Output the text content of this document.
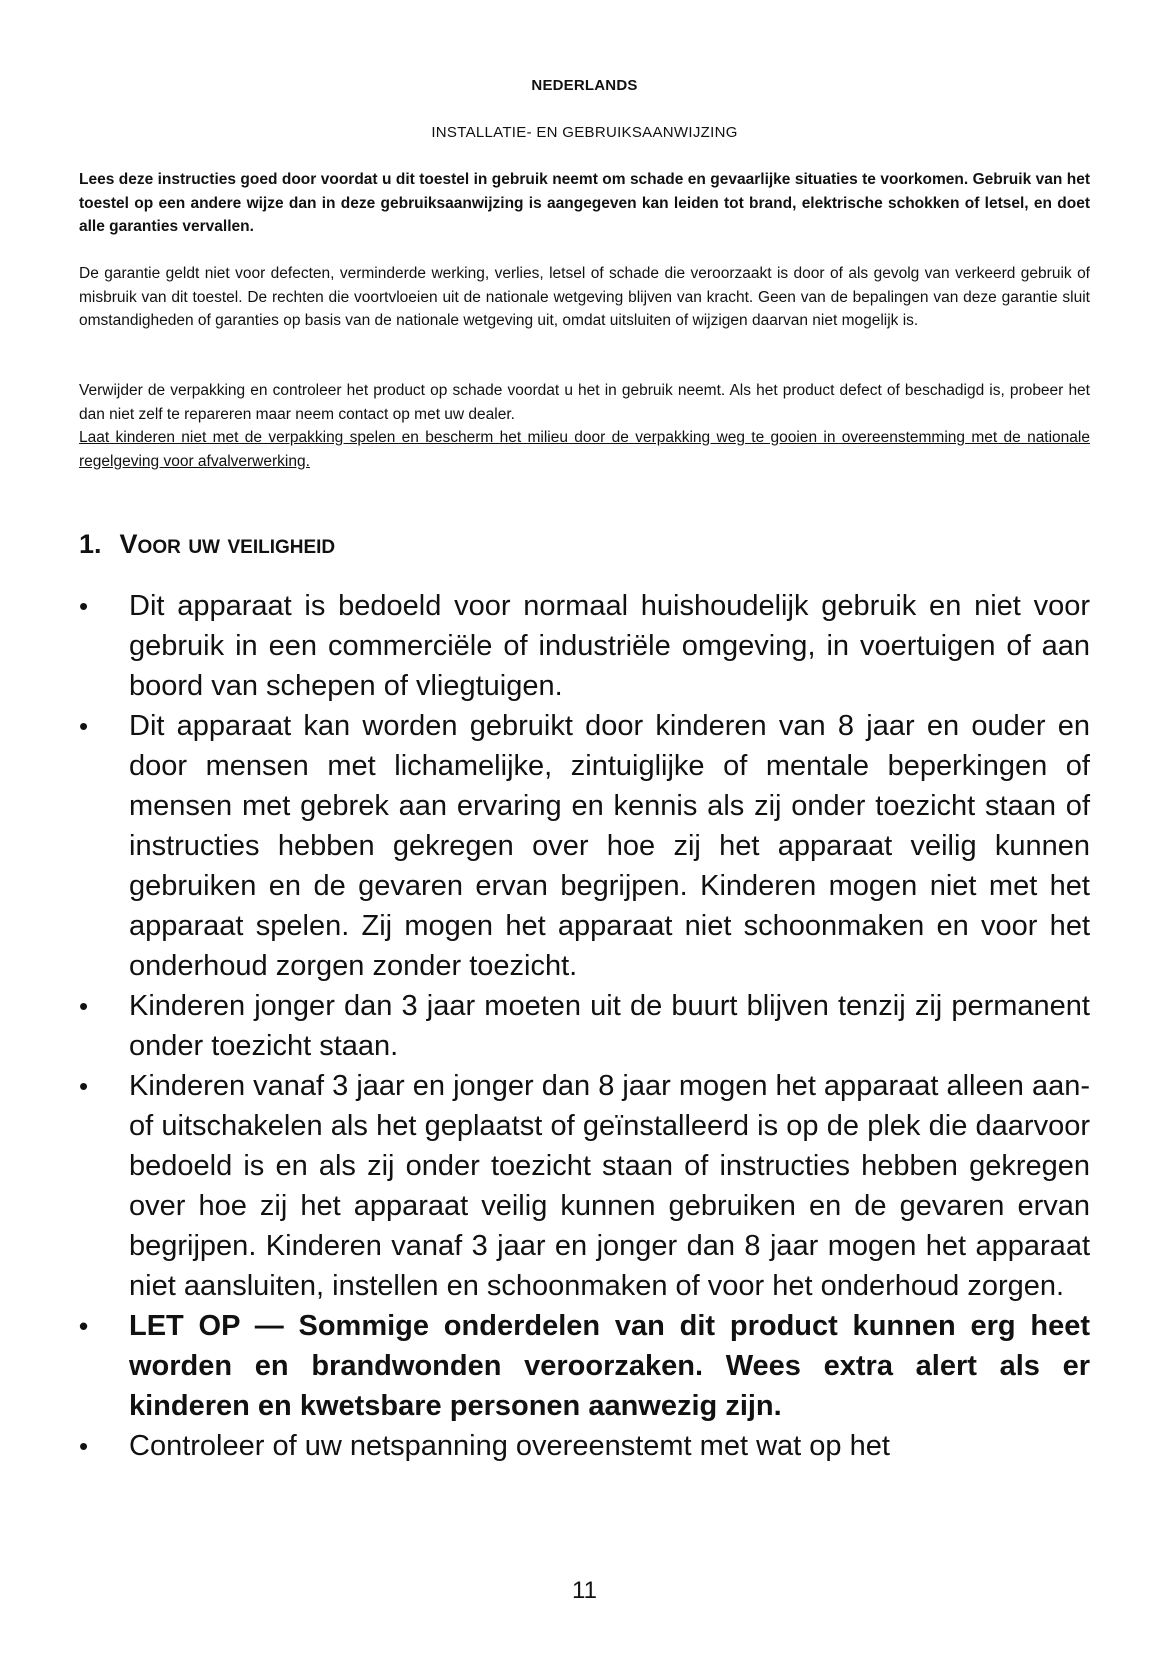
NEDERLANDS
INSTALLATIE- EN GEBRUIKSAANWIJZING

Lees deze instructies goed door voordat u dit toestel in gebruik neemt om schade en gevaarlijke situaties te voorkomen. Gebruik van het toestel op een andere wijze dan in deze gebruiksaanwijzing is aangegeven kan leiden tot brand, elektrische schokken of letsel, en doet alle garanties vervallen.

De garantie geldt niet voor defecten, verminderde werking, verlies, letsel of schade die veroorzaakt is door of als gevolg van verkeerd gebruik of misbruik van dit toestel. De rechten die voortvloeien uit de nationale wetgeving blijven van kracht. Geen van de bepalingen van deze garantie sluit omstandigheden of garanties op basis van de nationale wetgeving uit, omdat uitsluiten of wijzigen daarvan niet mogelijk is.

Verwijder de verpakking en controleer het product op schade voordat u het in gebruik neemt. Als het product defect of beschadigd is, probeer het dan niet zelf te repareren maar neem contact op met uw dealer.
Laat kinderen niet met de verpakking spelen en bescherm het milieu door de verpakking weg te gooien in overeenstemming met de nationale regelgeving voor afvalverwerking.
1. Voor uw veiligheid
•	Dit apparaat is bedoeld voor normaal huishoudelijk gebruik en niet voor gebruik in een commerciële of industriële omgeving, in voertuigen of aan boord van schepen of vliegtuigen.
•	Dit apparaat kan worden gebruikt door kinderen van 8 jaar en ouder en door mensen met lichamelijke, zintuiglijke of mentale beperkingen of mensen met gebrek aan ervaring en kennis als zij onder toezicht staan of instructies hebben gekregen over hoe zij het apparaat veilig kunnen gebruiken en de gevaren ervan begrijpen. Kinderen mogen niet met het apparaat spelen. Zij mogen het apparaat niet schoonmaken en voor het onderhoud zorgen zonder toezicht.
•	Kinderen jonger dan 3 jaar moeten uit de buurt blijven tenzij zij permanent onder toezicht staan.
•	Kinderen vanaf 3 jaar en jonger dan 8 jaar mogen het apparaat alleen aan- of uitschakelen als het geplaatst of geïnstalleerd is op de plek die daarvoor bedoeld is en als zij onder toezicht staan of instructies hebben gekregen over hoe zij het apparaat veilig kunnen gebruiken en de gevaren ervan begrijpen. Kinderen vanaf 3 jaar en jonger dan 8 jaar mogen het apparaat niet aansluiten, instellen en schoonmaken of voor het onderhoud zorgen.
•	LET OP — Sommige onderdelen van dit product kunnen erg heet worden en brandwonden veroorzaken. Wees extra alert als er kinderen en kwetsbare personen aanwezig zijn.
•	Controleer of uw netspanning overeenstemt met wat op het
11
